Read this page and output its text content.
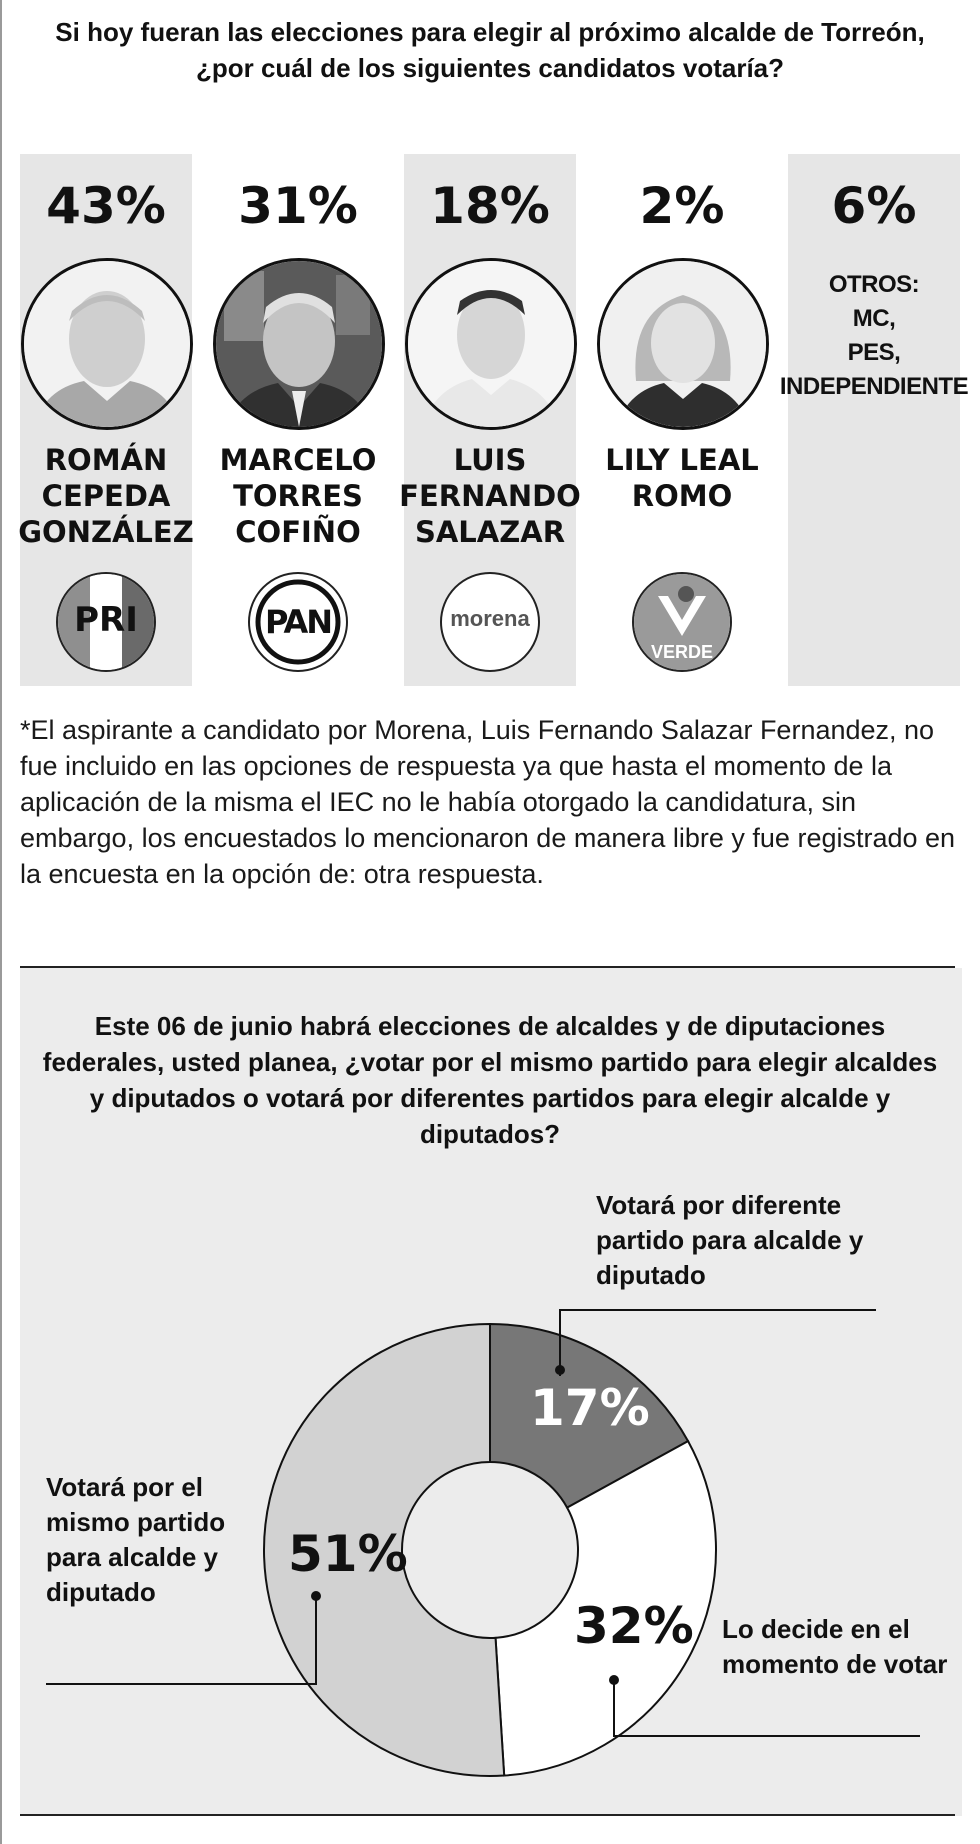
Si hoy fueran las elecciones para elegir al próximo alcalde de Torreón, ¿por cuál de los siguientes candidatos votaría?
43%
ROMÁN CEPEDA GONZÁLEZ
PRI
31%
MARCELO TORRES COFIÑO
PAN
18%
LUIS FERNANDO SALAZAR
morena
2%
LILY LEAL ROMO
VERDE
6%
OTROS:
MC,
PES,
INDEPENDIENTE
*El aspirante a candidato por Morena, Luis Fernando Salazar Fernandez, no fue incluido en las opciones de respuesta ya que hasta el momento de la aplicación de la misma el IEC no le había otorgado la candidatura, sin embargo, los encuestados lo mencionaron de manera libre y fue registrado en la encuesta en la opción de: otra respuesta.
Este 06 de junio habrá elecciones de alcaldes y de diputaciones federales, usted planea, ¿votar por el mismo partido para elegir alcaldes y diputados o votará por diferentes partidos para elegir alcalde y diputados?
17%
32%
51%
Votará por diferente partido para alcalde y diputado
Lo decide en el momento de votar
Votará por el mismo partido para alcalde y diputado
